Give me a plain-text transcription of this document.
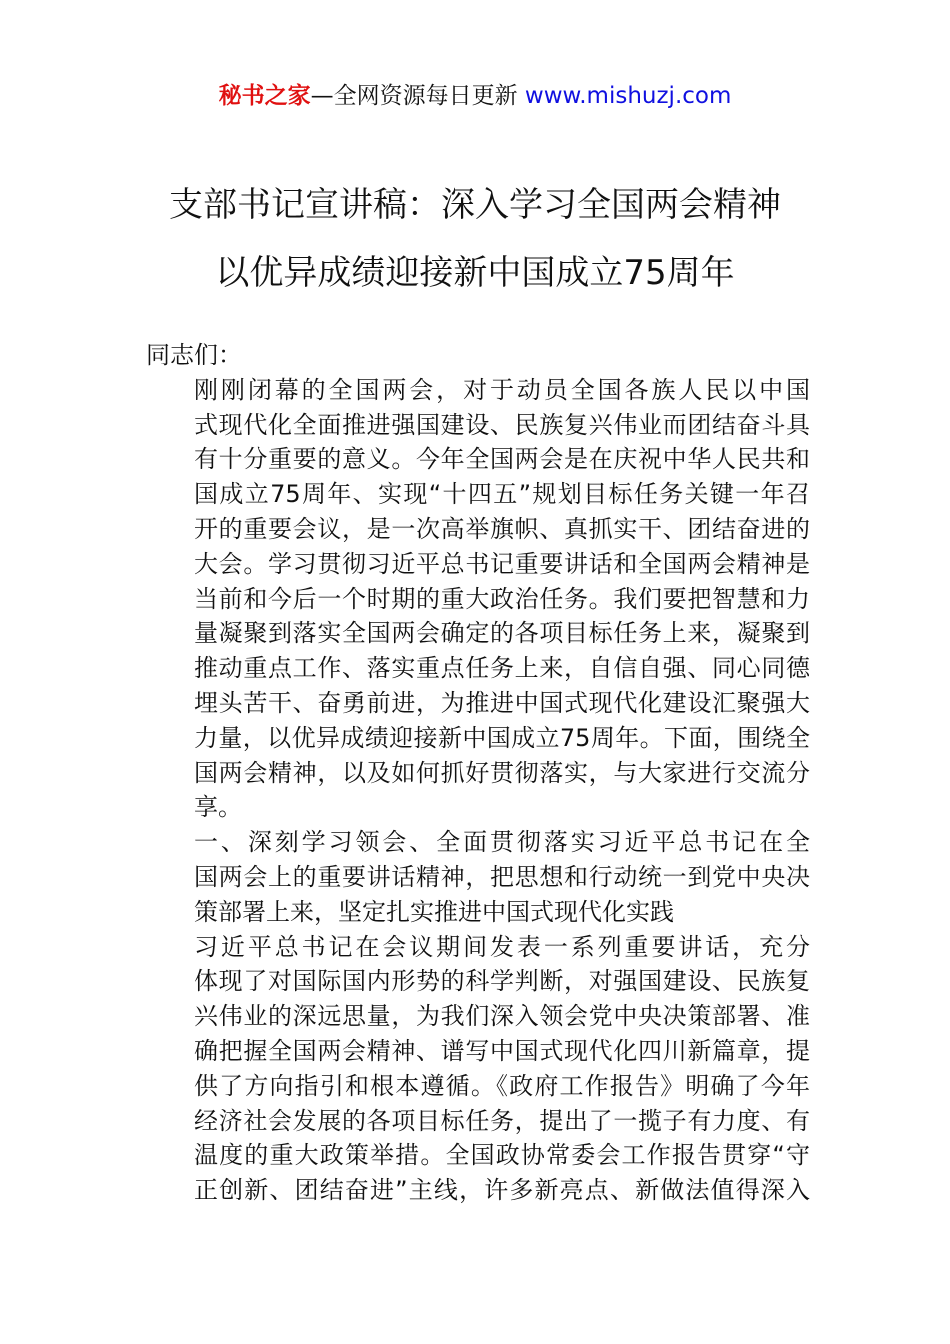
秘书之家—全网资源每日更新 www.mishuzj.com
支部书记宣讲稿：深入学习全国两会精神
以优异成绩迎接新中国成立75周年

同志们：

刚刚闭幕的全国两会，对于动员全国各族人民以中国
式现代化全面推进强国建设、民族复兴伟业而团结奋斗具
有十分重要的意义。今年全国两会是在庆祝中华人民共和
国成立75周年、实现“十四五”规划目标任务关键一年召
开的重要会议，是一次高举旗帜、真抓实干、团结奋进的
大会。学习贯彻习近平总书记重要讲话和全国两会精神是
当前和今后一个时期的重大政治任务。我们要把智慧和力
量凝聚到落实全国两会确定的各项目标任务上来，凝聚到
推动重点工作、落实重点任务上来，自信自强、同心同德
埋头苦干、奋勇前进，为推进中国式现代化建设汇聚强大
力量，以优异成绩迎接新中国成立75周年。下面，围绕全
国两会精神，以及如何抓好贯彻落实，与大家进行交流分
享。

一、深刻学习领会、全面贯彻落实习近平总书记在全
国两会上的重要讲话精神，把思想和行动统一到党中央决
策部署上来，坚定扎实推进中国式现代化实践

习近平总书记在会议期间发表一系列重要讲话，充分
体现了对国际国内形势的科学判断，对强国建设、民族复
兴伟业的深远思量，为我们深入领会党中央决策部署、准
确把握全国两会精神、谱写中国式现代化四川新篇章，提
供了方向指引和根本遵循。《政府工作报告》明确了今年
经济社会发展的各项目标任务，提出了一揽子有力度、有
温度的重大政策举措。全国政协常委会工作报告贯穿“守
正创新、团结奋进”主线，许多新亮点、新做法值得深入
